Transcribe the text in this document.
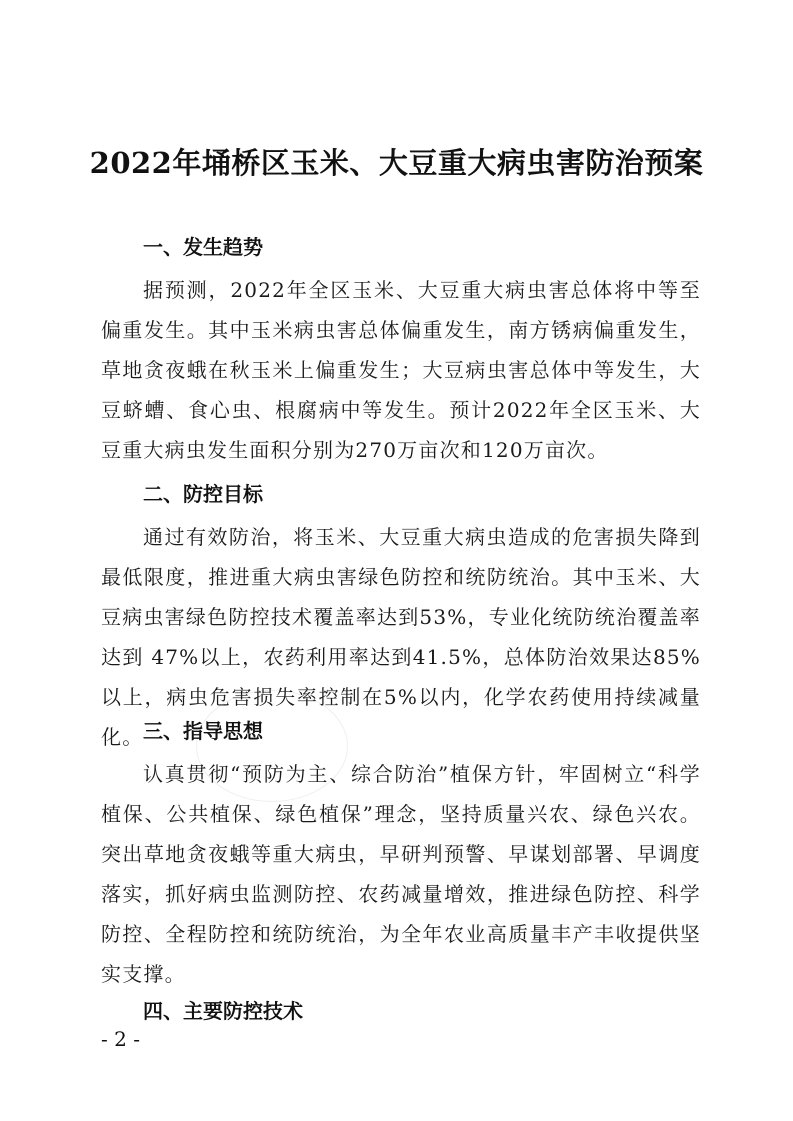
2022年埇桥区玉米、大豆重大病虫害防治预案
一、发生趋势
据预测，2022年全区玉米、大豆重大病虫害总体将中等至偏重发生。其中玉米病虫害总体偏重发生，南方锈病偏重发生，草地贪夜蛾在秋玉米上偏重发生；大豆病虫害总体中等发生，大豆蛴螬、食心虫、根腐病中等发生。预计2022年全区玉米、大豆重大病虫发生面积分别为270万亩次和120万亩次。
二、防控目标
通过有效防治，将玉米、大豆重大病虫造成的危害损失降到最低限度，推进重大病虫害绿色防控和统防统治。其中玉米、大豆病虫害绿色防控技术覆盖率达到53%，专业化统防统治覆盖率达到 47%以上，农药利用率达到41.5%，总体防治效果达85%以上，病虫危害损失率控制在5%以内，化学农药使用持续减量化。 三、指导思想
认真贯彻“预防为主、综合防治”植保方针，牢固树立“科学植保、公共植保、绿色植保”理念，坚持质量兴农、绿色兴农。突出草地贪夜蛾等重大病虫，早研判预警、早谋划部署、早调度落实，抓好病虫监测防控、农药减量增效，推进绿色防控、科学防控、全程防控和统防统治，为全年农业高质量丰产丰收提供坚实支撑。
四、主要防控技术
- 2 -
